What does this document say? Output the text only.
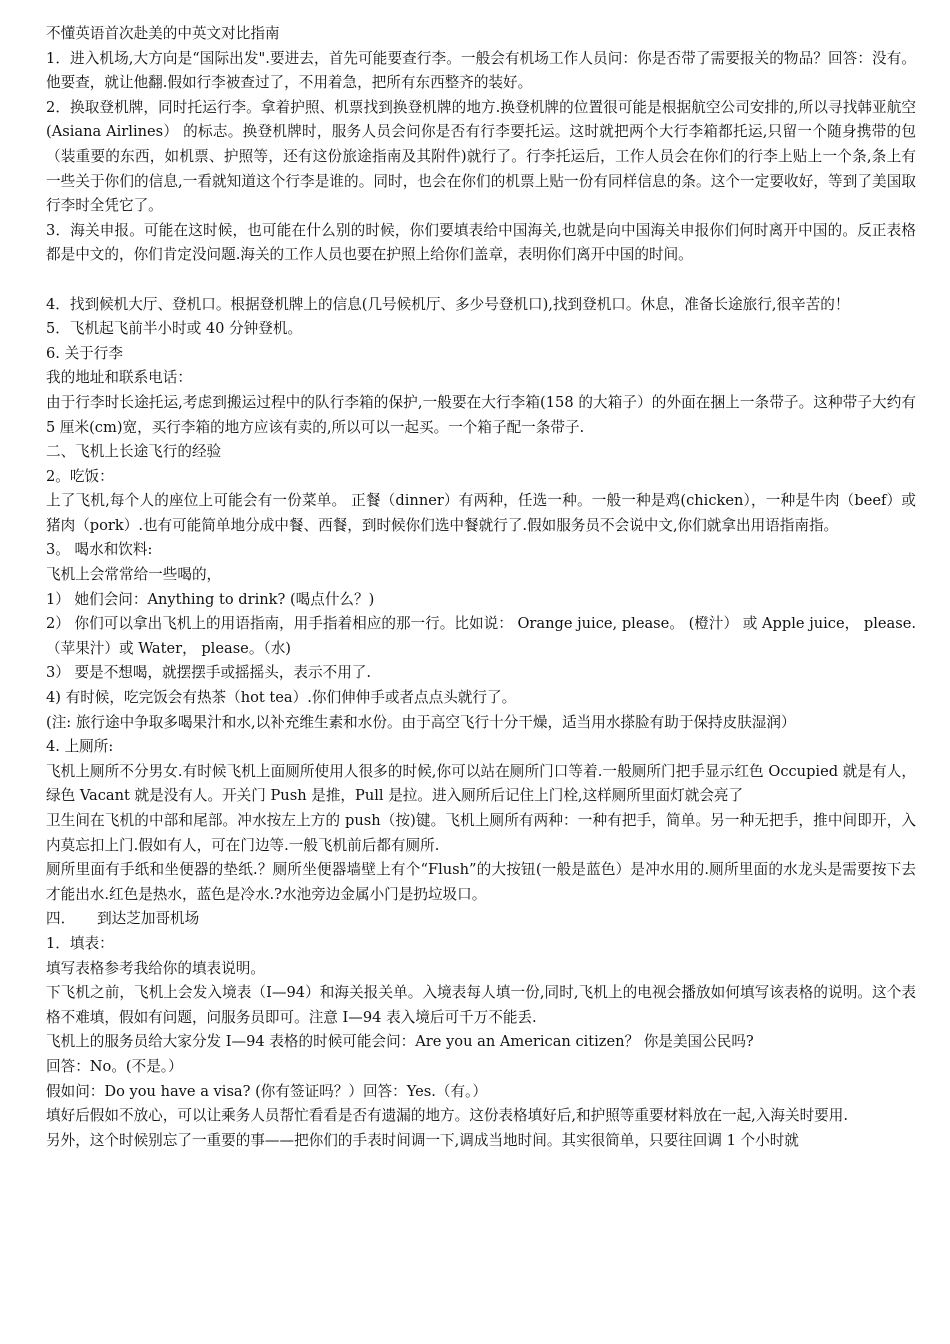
不懂英语首次赴美的中英文对比指南
1．进入机场,大方向是“国际出发".要进去，首先可能要查行李。一般会有机场工作人员问：你是否带了需要报关的物品？回答：没有。他要查，就让他翻.假如行李被查过了，不用着急，把所有东西整齐的装好。
2．换取登机牌，同时托运行李。拿着护照、机票找到换登机牌的地方.换登机牌的位置很可能是根据航空公司安排的,所以寻找韩亚航空 (Asiana Airlines） 的标志。换登机牌时，服务人员会问你是否有行李要托运。这时就把两个大行李箱都托运,只留一个随身携带的包（装重要的东西，如机票、护照等，还有这份旅途指南及其附件)就行了。行李托运后，工作人员会在你们的行李上贴上一个条,条上有一些关于你们的信息,一看就知道这个行李是谁的。同时，也会在你们的机票上贴一份有同样信息的条。这个一定要收好，等到了美国取行李时全凭它了。
3．海关申报。可能在这时候，也可能在什么别的时候，你们要填表给中国海关,也就是向中国海关申报你们何时离开中国的。反正表格都是中文的，你们肯定没问题.海关的工作人员也要在护照上给你们盖章，表明你们离开中国的时间。
4．找到候机大厅、登机口。根据登机牌上的信息(几号候机厅、多少号登机口),找到登机口。休息，准备长途旅行,很辛苦的！
5．飞机起飞前半小时或 40 分钟登机。
6. 关于行李
我的地址和联系电话：
由于行李时长途托运,考虑到搬运过程中的队行李箱的保护,一般要在大行李箱(158 的大箱子）的外面在捆上一条带子。这种带子大约有 5 厘米(cm)宽，买行李箱的地方应该有卖的,所以可以一起买。一个箱子配一条带子.
二、飞机上长途飞行的经验
2。吃饭：
上了飞机,每个人的座位上可能会有一份菜单。 正餐（dinner）有两种，任选一种。一般一种是鸡(chicken），一种是牛肉（beef）或猪肉（pork）.也有可能简单地分成中餐、西餐，到时候你们选中餐就行了.假如服务员不会说中文,你们就拿出用语指南指。
3。 喝水和饮料:
飞机上会常常给一些喝的，
1） 她们会问：Anything to drink? (喝点什么？)
2） 你们可以拿出飞机上的用语指南，用手指着相应的那一行。比如说： Orange juice, please。 (橙汁） 或 Apple juice， please.（苹果汁）或 Water， please。（水)
3） 要是不想喝，就摆摆手或摇摇头，表示不用了.
4) 有时候，吃完饭会有热茶（hot tea）.你们伸伸手或者点点头就行了。
(注: 旅行途中争取多喝果汁和水,以补充维生素和水份。由于高空飞行十分干燥，适当用水搽脸有助于保持皮肤湿润）
4. 上厕所:
飞机上厕所不分男女.有时候飞机上面厕所使用人很多的时候,你可以站在厕所门口等着.一般厕所门把手显示红色 Occupied 就是有人，绿色 Vacant 就是没有人。开关门 Push 是推，Pull 是拉。进入厕所后记住上门栓,这样厕所里面灯就会亮了
卫生间在飞机的中部和尾部。冲水按左上方的 push（按)键。飞机上厕所有两种：一种有把手，简单。另一种无把手，推中间即开，入内莫忘扣上门.假如有人，可在门边等.一般飞机前后都有厕所.
厕所里面有手纸和坐便器的垫纸.？厕所坐便器墙壁上有个“Flush”的大按钮(一般是蓝色）是冲水用的.厕所里面的水龙头是需要按下去才能出水.红色是热水，蓝色是冷水.?水池旁边金属小门是扔垃圾口。
四．　　到达芝加哥机场
1．填表：
填写表格参考我给你的填表说明。
下飞机之前，飞机上会发入境表（I—94）和海关报关单。入境表每人填一份,同时,飞机上的电视会播放如何填写该表格的说明。这个表格不难填，假如有问题，问服务员即可。注意 I—94 表入境后可千万不能丢.
飞机上的服务员给大家分发 I—94 表格的时候可能会问：Are you an American citizen？ 你是美国公民吗?
回答：No。(不是。）
假如问：Do you have a visa? (你有签证吗？）回答：Yes.（有。）
填好后假如不放心，可以让乘务人员帮忙看看是否有遗漏的地方。这份表格填好后,和护照等重要材料放在一起,入海关时要用.
另外，这个时候别忘了一重要的事——把你们的手表时间调一下,调成当地时间。其实很简单，只要往回调 1 个小时就
